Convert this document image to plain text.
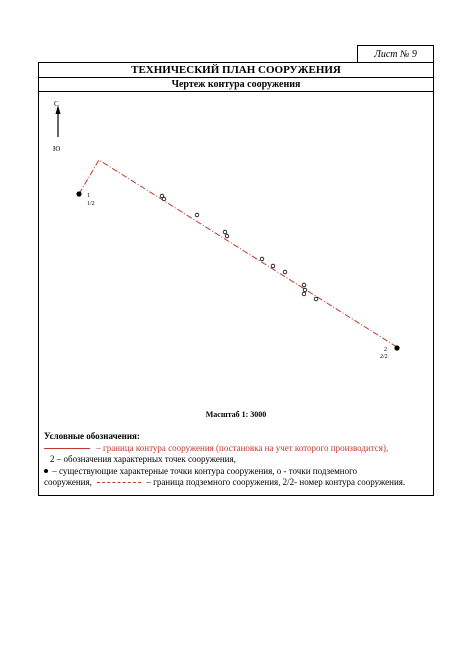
Лист № 9
ТЕХНИЧЕСКИЙ ПЛАН СООРУЖЕНИЯ
Чертеж контура сооружения
С
Ю
1
1/2
2
2/2
Масштаб 1: 3000
Условные обозначения:
– граница контура сооружения (постановка на учет которого производится),
2 – обозначения характерных точек сооружения,
– существующие характерные точки контура сооружения, о - точки подземного
сооружения,	– граница подземного сооружения, 2/2- номер контура сооружения.
